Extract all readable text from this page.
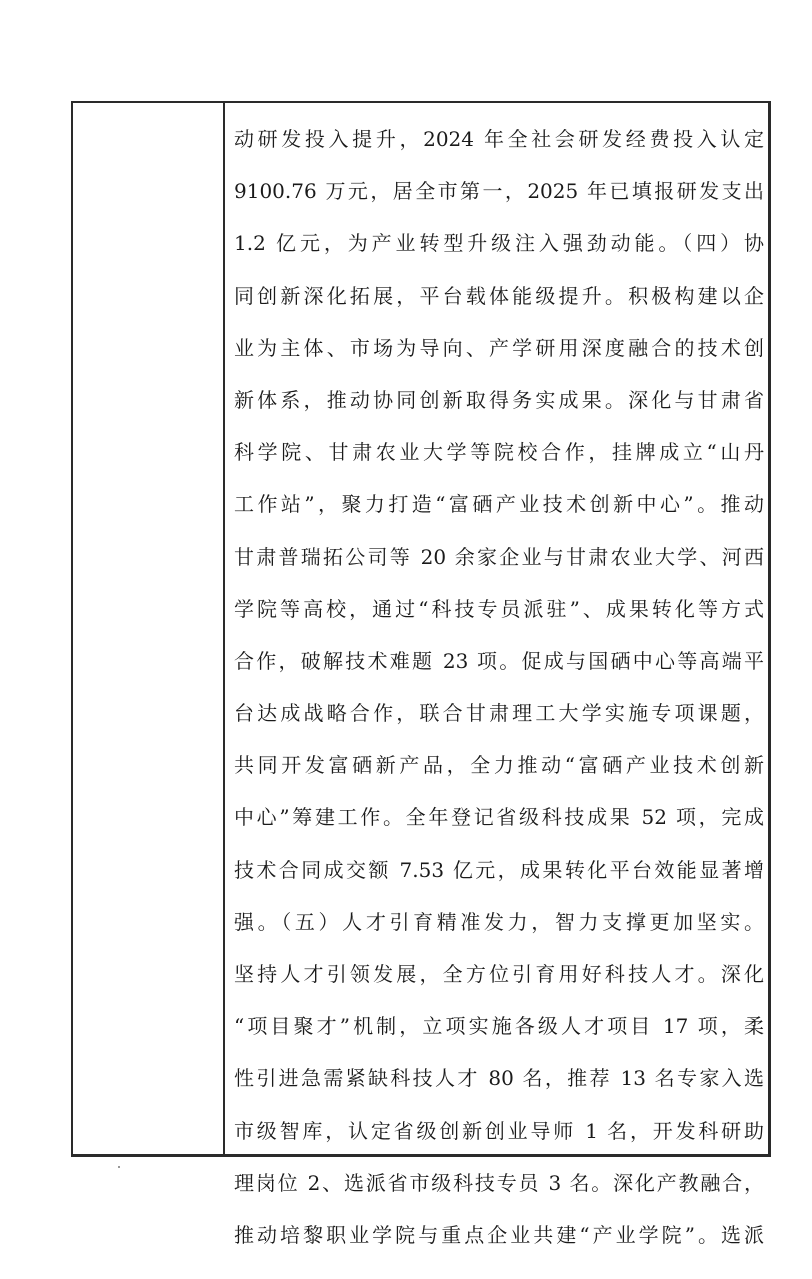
动研发投入提升，2024 年全社会研发经费投入认定
9100.76 万元，居全市第一，2025 年已填报研发支出
1.2 亿元，为产业转型升级注入强劲动能。（四）协
同创新深化拓展，平台载体能级提升。积极构建以企
业为主体、市场为导向、产学研用深度融合的技术创
新体系，推动协同创新取得务实成果。深化与甘肃省
科学院、甘肃农业大学等院校合作，挂牌成立“山丹
工作站”，聚力打造“富硒产业技术创新中心”。推动
甘肃普瑞拓公司等 20 余家企业与甘肃农业大学、河西
学院等高校，通过“科技专员派驻”、成果转化等方式
合作，破解技术难题 23 项。促成与国硒中心等高端平
台达成战略合作，联合甘肃理工大学实施专项课题，
共同开发富硒新产品，全力推动“富硒产业技术创新
中心”筹建工作。全年登记省级科技成果 52 项，完成
技术合同成交额 7.53 亿元，成果转化平台效能显著增
强。（五）人才引育精准发力，智力支撑更加坚实。
坚持人才引领发展，全方位引育用好科技人才。深化
“项目聚才”机制，立项实施各级人才项目 17 项，柔
性引进急需紧缺科技人才 80 名，推荐 13 名专家入选
市级智库，认定省级创新创业导师 1 名，开发科研助
理岗位 2、选派省市级科技专员 3 名。深化产教融合，
推动培黎职业学院与重点企业共建“产业学院”。选派
